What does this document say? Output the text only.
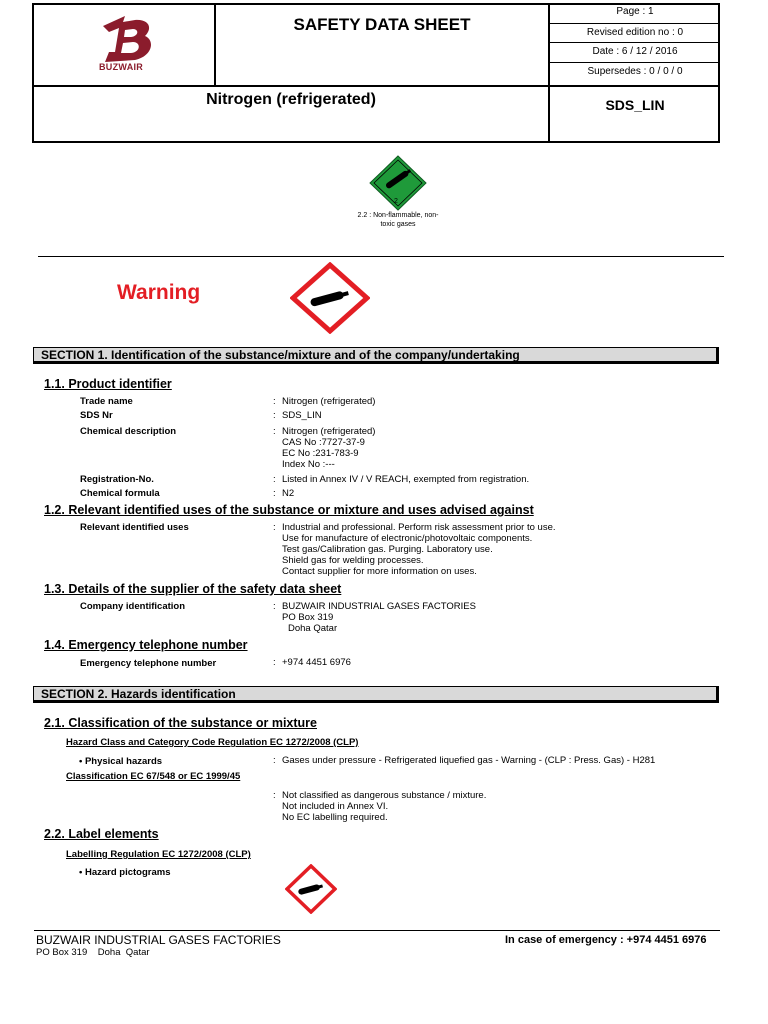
BUZWAIR
SAFETY DATA SHEET
Page : 1
Revised edition no : 0
Date : 6 / 12 / 2016
Supersedes : 0 / 0 / 0
Nitrogen (refrigerated)	SDS_LIN
2
2.2 : Non-flammable, non-
toxic gases
Warning
SECTION 1. Identification of the substance/mixture and of the company/undertaking
1.1. Product identifier
Trade name	: Nitrogen (refrigerated)
SDS Nr	: SDS_LIN
Chemical description	: Nitrogen (refrigerated)
CAS No :7727-37-9
EC No :231-783-9
Index No :---
Registration-No.	: Listed in Annex IV / V REACH, exempted from registration.
Chemical formula	: N2
1.2. Relevant identified uses of the substance or mixture and uses advised against
Relevant identified uses	: Industrial and professional. Perform risk assessment prior to use.
Use for manufacture of electronic/photovoltaic components.
Test gas/Calibration gas. Purging. Laboratory use.
Shield gas for welding processes.
Contact supplier for more information on uses.
1.3. Details of the supplier of the safety data sheet
Company identification	: BUZWAIR INDUSTRIAL GASES FACTORIES
PO Box 319
Doha Qatar
1.4. Emergency telephone number
Emergency telephone number	: +974 4451 6976
SECTION 2. Hazards identification
2.1. Classification of the substance or mixture
Hazard Class and Category Code Regulation EC 1272/2008 (CLP)
• Physical hazards	: Gases under pressure - Refrigerated liquefied gas - Warning - (CLP : Press. Gas) - H281
Classification EC 67/548 or EC 1999/45
: Not classified as dangerous substance / mixture.
Not included in Annex VI.
No EC labelling required.
2.2. Label elements
Labelling Regulation EC 1272/2008 (CLP)
• Hazard pictograms
BUZWAIR INDUSTRIAL GASES FACTORIES
PO Box 319    Doha  Qatar
In case of emergency : +974 4451 6976
